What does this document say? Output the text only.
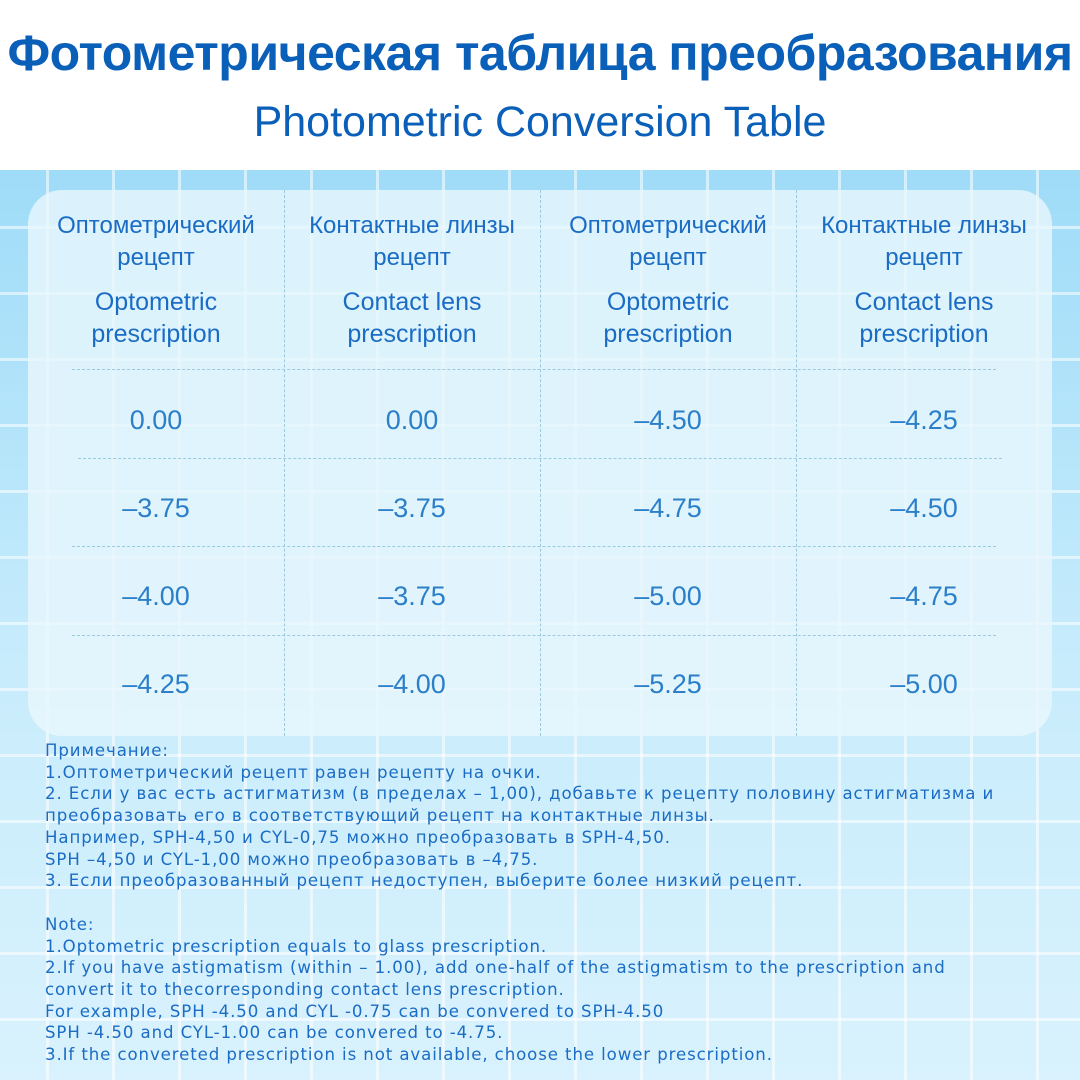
Фотометрическая таблица преобразования
Photometric Conversion Table
Оптометрический
рецепт
Optometric
prescription
0.00
–3.75
–4.00
–4.25
Контактные линзы
рецепт
Contact lens
prescription
0.00
–3.75
–3.75
–4.00
Оптометрический
рецепт
Optometric
prescription
–4.50
–4.75
–5.00
–5.25
Контактные линзы
рецепт
Contact lens
prescription
–4.25
–4.50
–4.75
–5.00
Примечание:
1.Оптометрический рецепт равен рецепту на очки.
2. Если у вас есть астигматизм (в пределах – 1,00), добавьте к рецепту половину астигматизма и
преобразовать его в соответствующий рецепт на контактные линзы.
Например, SPH-4,50 и CYL-0,75 можно преобразовать в SPH-4,50.
SPH –4,50 и CYL-1,00 можно преобразовать в –4,75.
3. Если преобразованный рецепт недоступен, выберите более низкий рецепт.
Note:
1.Optometric prescription equals to glass prescription.
2.If you have astigmatism (within – 1.00), add one-half of the astigmatism to the prescription and
convert it to thecorresponding contact lens prescription.
For example, SPH -4.50 and CYL -0.75 can be convered to SPH-4.50
SPH -4.50 and CYL-1.00 can be convered to -4.75.
3.If the convereted prescription is not available, choose the lower prescription.
